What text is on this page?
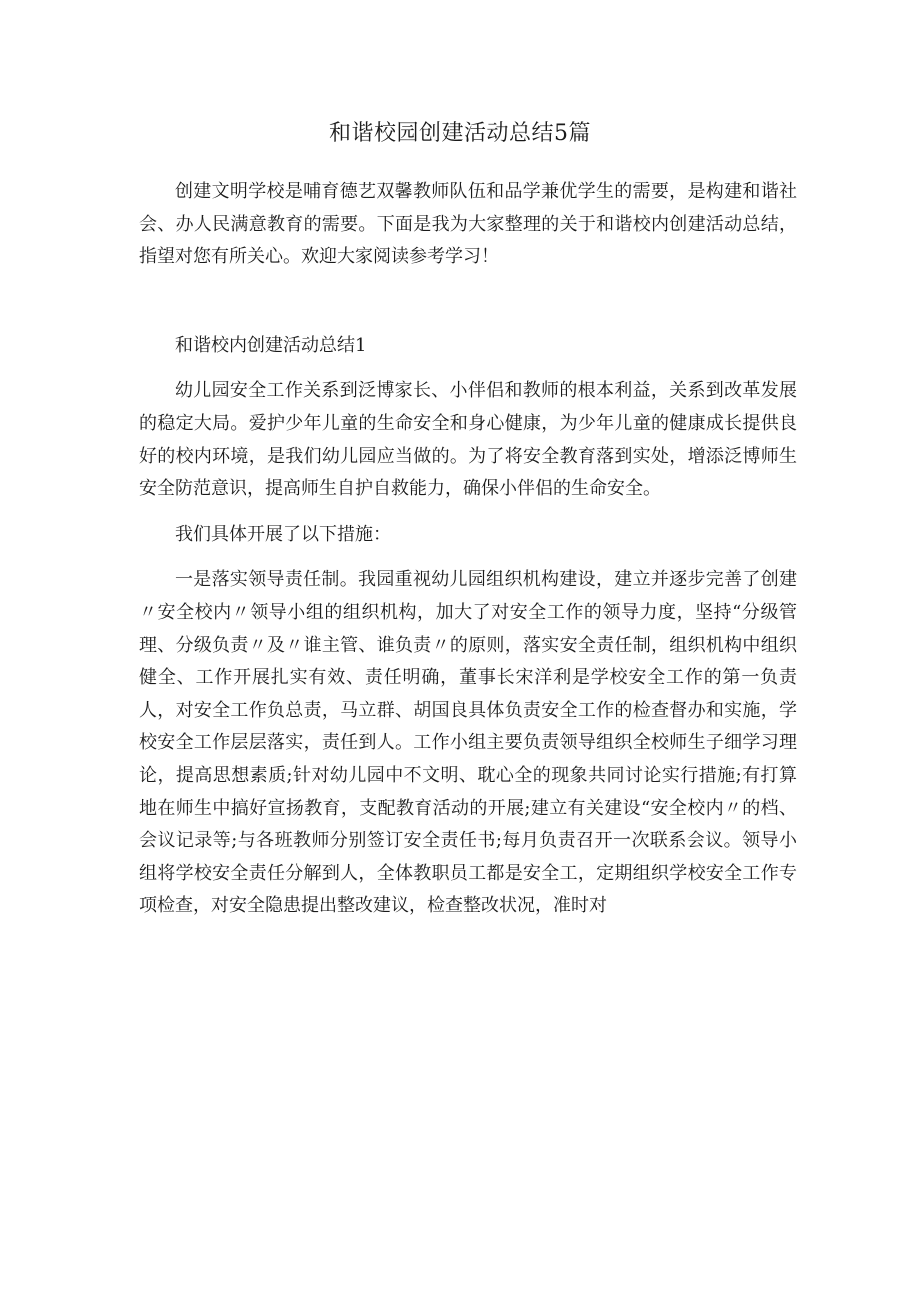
和谐校园创建活动总结5篇

创建文明学校是哺育德艺双馨教师队伍和品学兼优学生的需要，是构建和谐社会、办人民满意教育的需要。下面是我为大家整理的关于和谐校内创建活动总结，指望对您有所关心。欢迎大家阅读参考学习！

和谐校内创建活动总结1

幼儿园安全工作关系到泛博家长、小伴侣和教师的根本利益，关系到改革发展的稳定大局。爱护少年儿童的生命安全和身心健康，为少年儿童的健康成长提供良好的校内环境，是我们幼儿园应当做的。为了将安全教育落到实处，增添泛博师生安全防范意识，提高师生自护自救能力，确保小伴侣的生命安全。

我们具体开展了以下措施：

一是落实领导责任制。我园重视幼儿园组织机构建设，建立并逐步完善了创建〃安全校内〃领导小组的组织机构，加大了对安全工作的领导力度，坚持“分级管理、分级负责〃及〃谁主管、谁负责〃的原则，落实安全责任制，组织机构中组织健全、工作开展扎实有效、责任明确，董事长宋洋利是学校安全工作的第一负责人，对安全工作负总责，马立群、胡国良具体负责安全工作的检查督办和实施，学校安全工作层层落实，责任到人。工作小组主要负责领导组织全校师生子细学习理论，提高思想素质;针对幼儿园中不文明、耽心全的现象共同讨论实行措施;有打算地在师生中搞好宣扬教育，支配教育活动的开展;建立有关建设“安全校内〃的档、会议记录等;与各班教师分别签订安全责任书;每月负责召开一次联系会议。领导小组将学校安全责任分解到人，全体教职员工都是安全工，定期组织学校安全工作专项检查，对安全隐患提出整改建议，检查整改状况，准时对
